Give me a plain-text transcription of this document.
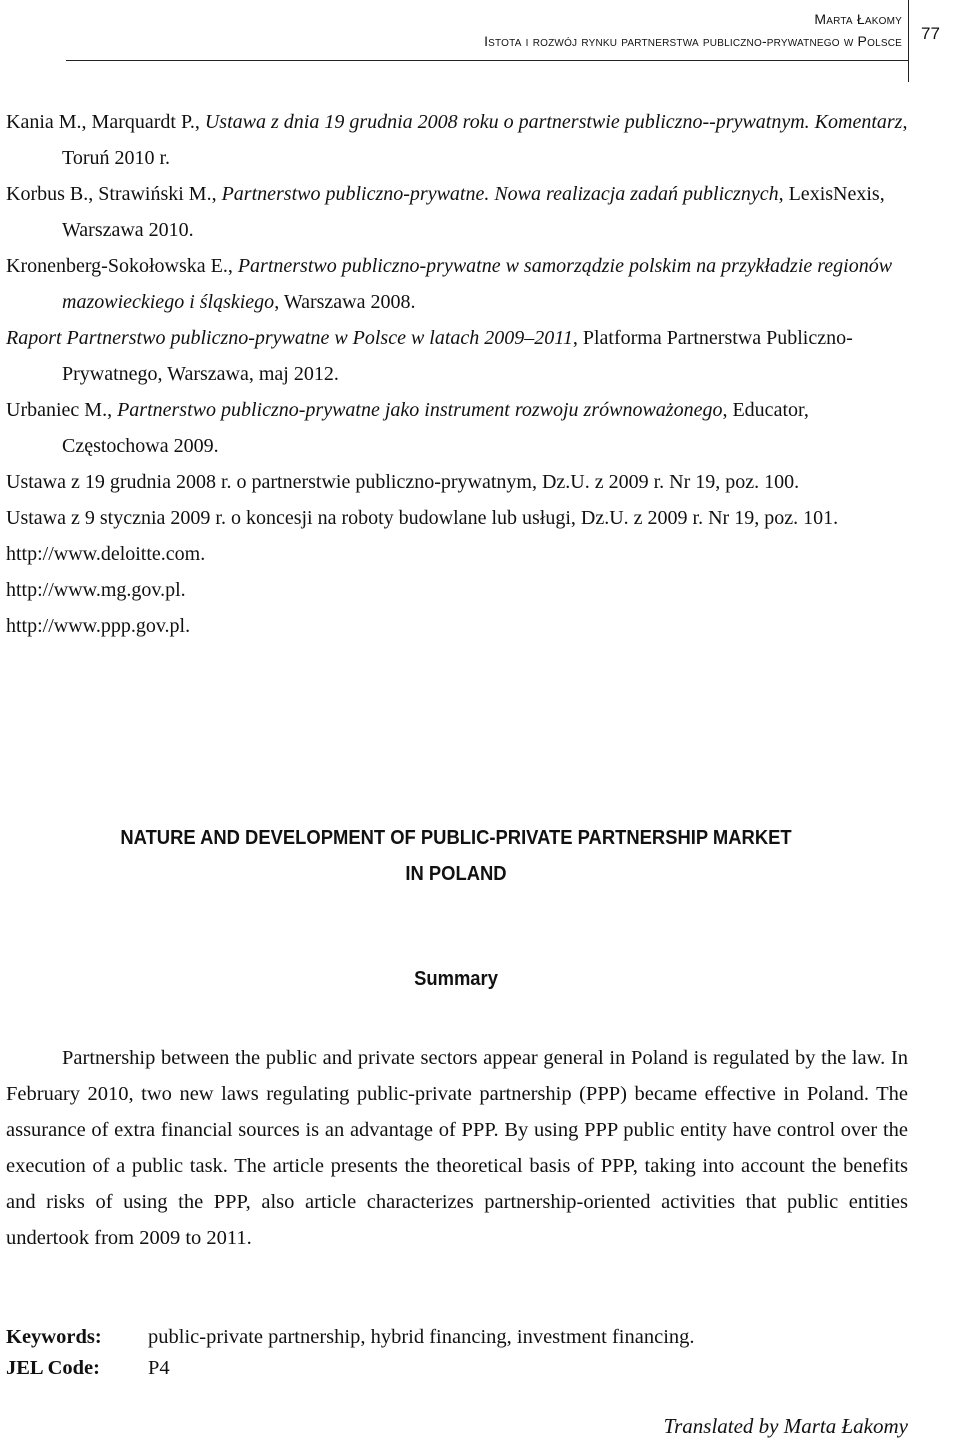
Marta Łakomy
Istota i rozwój rynku partnerstwa publiczno-prywatnego w Polsce 77
Kania M., Marquardt P., Ustawa z dnia 19 grudnia 2008 roku o partnerstwie publiczno--prywatnym. Komentarz, Toruń 2010 r.
Korbus B., Strawiński M., Partnerstwo publiczno-prywatne. Nowa realizacja zadań publicznych, LexisNexis, Warszawa 2010.
Kronenberg-Sokołowska E., Partnerstwo publiczno-prywatne w samorządzie polskim na przykładzie regionów mazowieckiego i śląskiego, Warszawa 2008.
Raport Partnerstwo publiczno-prywatne w Polsce w latach 2009–2011, Platforma Partnerstwa Publiczno-Prywatnego, Warszawa, maj 2012.
Urbaniec M., Partnerstwo publiczno-prywatne jako instrument rozwoju zrównoważonego, Educator, Częstochowa 2009.
Ustawa z 19 grudnia 2008 r. o partnerstwie publiczno-prywatnym, Dz.U. z 2009 r. Nr 19, poz. 100.
Ustawa z 9 stycznia 2009 r. o koncesji na roboty budowlane lub usługi, Dz.U. z 2009 r. Nr 19, poz. 101.
http://www.deloitte.com.
http://www.mg.gov.pl.
http://www.ppp.gov.pl.
NATURE AND DEVELOPMENT OF PUBLIC-PRIVATE PARTNERSHIP MARKET
IN POLAND
Summary

Partnership between the public and private sectors appear general in Poland is regulated by the law. In February 2010, two new laws regulating public-private partnership (PPP) became effective in Poland. The assurance of extra financial sources is an advantage of PPP. By using PPP public entity have control over the execution of a public task. The article presents the theoretical basis of PPP, taking into account the benefits and risks of using the PPP, also article characterizes partnership-oriented activities that public entities undertook from 2009 to 2011.

Keywords:	public-private partnership, hybrid financing, investment financing.
JEL Code:	P4
Translated by Marta Łakomy
